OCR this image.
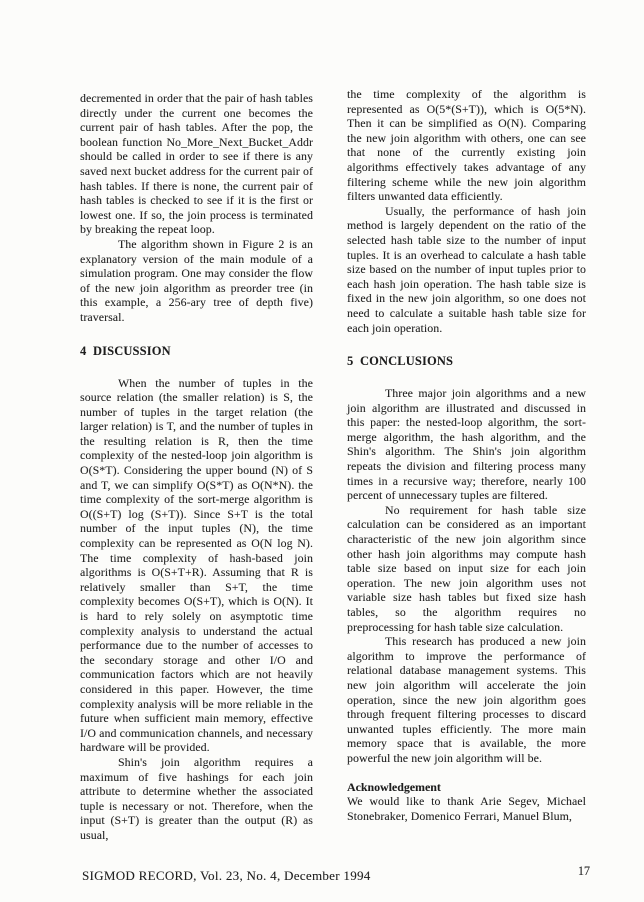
decremented in order that the pair of hash tables directly under the current one becomes the current pair of hash tables. After the pop, the boolean function No_More_Next_Bucket_Addr should be called in order to see if there is any saved next bucket address for the current pair of hash tables. If there is none, the current pair of hash tables is checked to see if it is the first or lowest one. If so, the join process is terminated by breaking the repeat loop.

The algorithm shown in Figure 2 is an explanatory version of the main module of a simulation program. One may consider the flow of the new join algorithm as preorder tree (in this example, a 256-ary tree of depth five) traversal.

4  DISCUSSION

When the number of tuples in the source relation (the smaller relation) is S, the number of tuples in the target relation (the larger relation) is T, and the number of tuples in the resulting relation is R, then the time complexity of the nested-loop join algorithm is O(S*T). Considering the upper bound (N) of S and T, we can simplify O(S*T) as O(N*N). the time complexity of the sort-merge algorithm is O((S+T) log (S+T)). Since S+T is the total number of the input tuples (N), the time complexity can be represented as O(N log N). The time complexity of hash-based join algorithms is O(S+T+R). Assuming that R is relatively smaller than S+T, the time complexity becomes O(S+T), which is O(N). It is hard to rely solely on asymptotic time complexity analysis to understand the actual performance due to the number of accesses to the secondary storage and other I/O and communication factors which are not heavily considered in this paper. However, the time complexity analysis will be more reliable in the future when sufficient main memory, effective I/O and communication channels, and necessary hardware will be provided.

Shin's join algorithm requires a maximum of five hashings for each join attribute to determine whether the associated tuple is necessary or not. Therefore, when the input (S+T) is greater than the output (R) as usual,

the time complexity of the algorithm is represented as O(5*(S+T)), which is O(5*N). Then it can be simplified as O(N). Comparing the new join algorithm with others, one can see that none of the currently existing join algorithms effectively takes advantage of any filtering scheme while the new join algorithm filters unwanted data efficiently.

Usually, the performance of hash join method is largely dependent on the ratio of the selected hash table size to the number of input tuples. It is an overhead to calculate a hash table size based on the number of input tuples prior to each hash join operation. The hash table size is fixed in the new join algorithm, so one does not need to calculate a suitable hash table size for each join operation.

5  CONCLUSIONS

Three major join algorithms and a new join algorithm are illustrated and discussed in this paper: the nested-loop algorithm, the sort-merge algorithm, the hash algorithm, and the Shin's algorithm. The Shin's join algorithm repeats the division and filtering process many times in a recursive way; therefore, nearly 100 percent of unnecessary tuples are filtered.

No requirement for hash table size calculation can be considered as an important characteristic of the new join algorithm since other hash join algorithms may compute hash table size based on input size for each join operation. The new join algorithm uses not variable size hash tables but fixed size hash tables, so the algorithm requires no preprocessing for hash table size calculation.

This research has produced a new join algorithm to improve the performance of relational database management systems. This new join algorithm will accelerate the join operation, since the new join algorithm goes through frequent filtering processes to discard unwanted tuples efficiently. The more main memory space that is available, the more powerful the new join algorithm will be.

Acknowledgement

We would like to thank Arie Segev, Michael Stonebraker, Domenico Ferrari, Manuel Blum,

SIGMOD RECORD, Vol. 23, No. 4, December 1994	17
